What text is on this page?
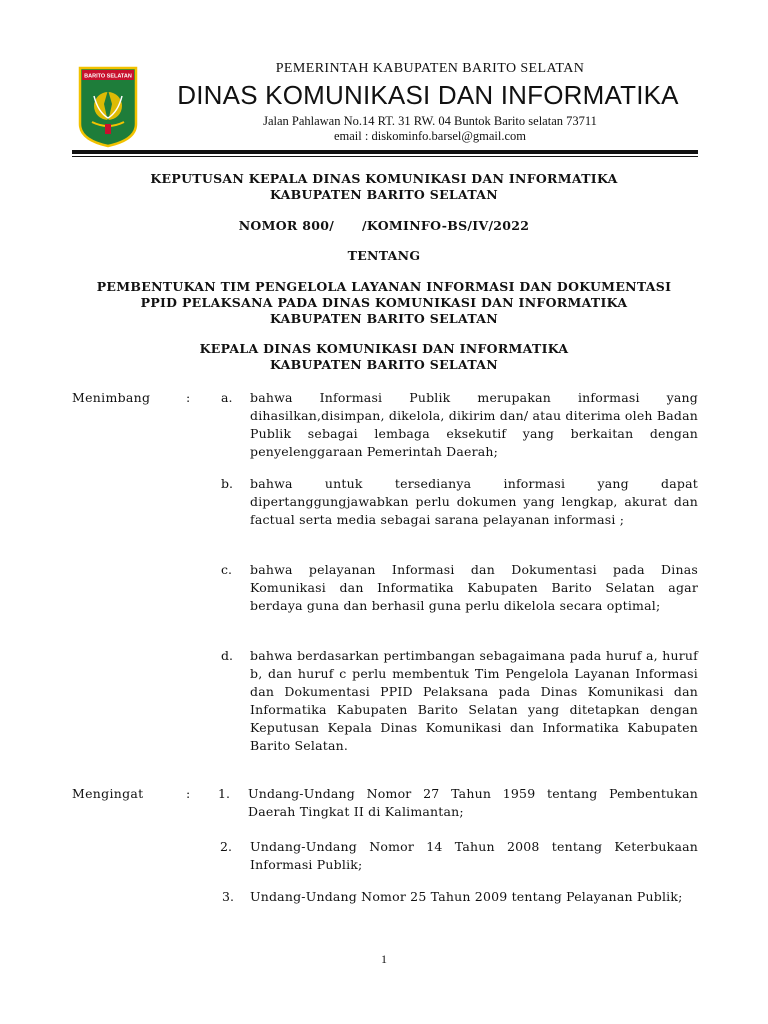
BARITO SELATAN
PEMERINTAH KABUPATEN BARITO SELATAN
DINAS KOMUNIKASI DAN INFORMATIKA
Jalan Pahlawan No.14 RT. 31 RW. 04 Buntok Barito selatan 73711
email : diskominfo.barsel@gmail.com
KEPUTUSAN KEPALA DINAS KOMUNIKASI DAN INFORMATIKA
KABUPATEN BARITO SELATAN
NOMOR 800/      /KOMINFO-BS/IV/2022
TENTANG
PEMBENTUKAN TIM PENGELOLA LAYANAN INFORMASI DAN DOKUMENTASI
PPID PELAKSANA PADA DINAS KOMUNIKASI DAN INFORMATIKA
KABUPATEN BARITO SELATAN
KEPALA DINAS KOMUNIKASI DAN INFORMATIKA
KABUPATEN BARITO SELATAN
Menimbang	: a. bahwa Informasi Publik merupakan informasi yang dihasilkan,disimpan, dikelola, dikirim dan/ atau diterima oleh Badan Publik sebagai lembaga eksekutif yang berkaitan dengan penyelenggaraan Pemerintah Daerah;
b. bahwa untuk tersedianya informasi yang dapat dipertanggungjawabkan perlu dokumen yang lengkap, akurat dan factual serta media sebagai sarana pelayanan informasi ;
c. bahwa pelayanan Informasi dan Dokumentasi pada Dinas Komunikasi dan Informatika Kabupaten Barito Selatan agar berdaya guna dan berhasil guna perlu dikelola secara optimal;
d. bahwa berdasarkan pertimbangan sebagaimana pada huruf a, huruf b, dan huruf c perlu membentuk Tim Pengelola Layanan Informasi dan Dokumentasi PPID Pelaksana pada Dinas Komunikasi dan Informatika Kabupaten Barito Selatan yang ditetapkan dengan Keputusan Kepala Dinas Komunikasi dan Informatika Kabupaten Barito Selatan.
Mengingat	: 1. Undang-Undang Nomor 27 Tahun 1959 tentang Pembentukan Daerah Tingkat II di Kalimantan;
2. Undang-Undang Nomor 14 Tahun 2008 tentang Keterbukaan Informasi Publik;
3. Undang-Undang Nomor 25 Tahun 2009 tentang Pelayanan Publik;
1
